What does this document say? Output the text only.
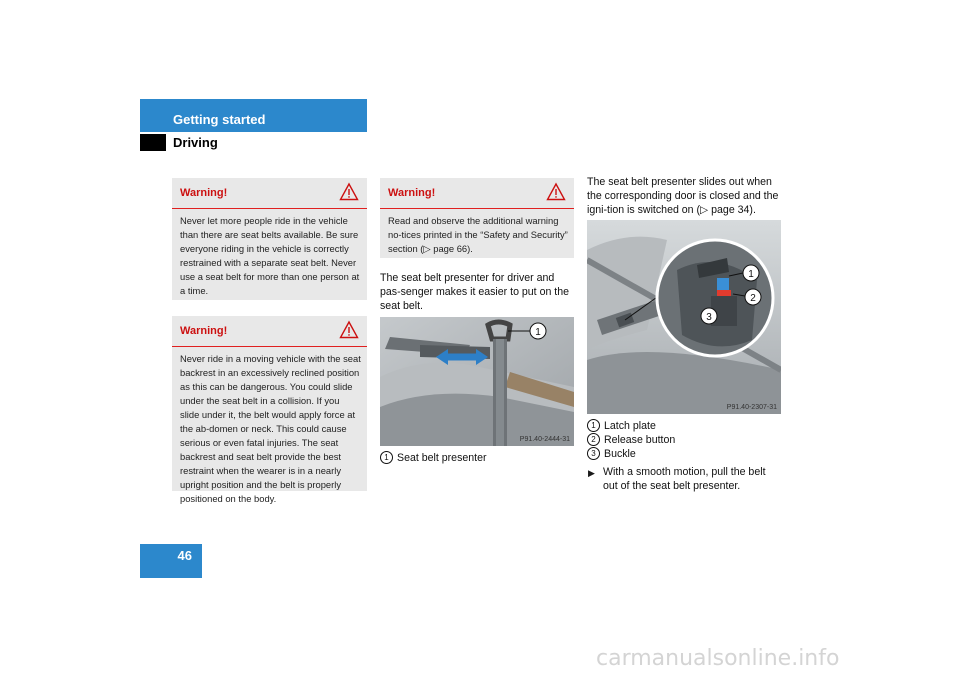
Getting started
Driving
Warning!
Never let more people ride in the vehicle than there are seat belts available. Be sure everyone riding in the vehicle is correctly restrained with a separate seat belt. Never use a seat belt for more than one person at a time.
Warning!
Never ride in a moving vehicle with the seat backrest in an excessively reclined position as this can be dangerous. You could slide under the seat belt in a collision. If you slide under it, the belt would apply force at the ab-domen or neck. This could cause serious or even fatal injuries. The seat backrest and seat belt provide the best restraint when the wearer is in a nearly upright position and the belt is properly positioned on the body.
Warning!
Read and observe the additional warning no-tices printed in the “Safety and Security” section (▷ page 66).
The seat belt presenter for driver and pas-senger makes it easier to put on the seat belt.
1
P91.40-2444-31
1 Seat belt presenter
The seat belt presenter slides out when the corresponding door is closed and the igni-tion is switched on (▷ page 34).
1
2
3
P91.40-2307-31
1 Latch plate
2 Release button
3 Buckle
▶ With a smooth motion, pull the belt out of the seat belt presenter.
46
carmanualsonline.info
